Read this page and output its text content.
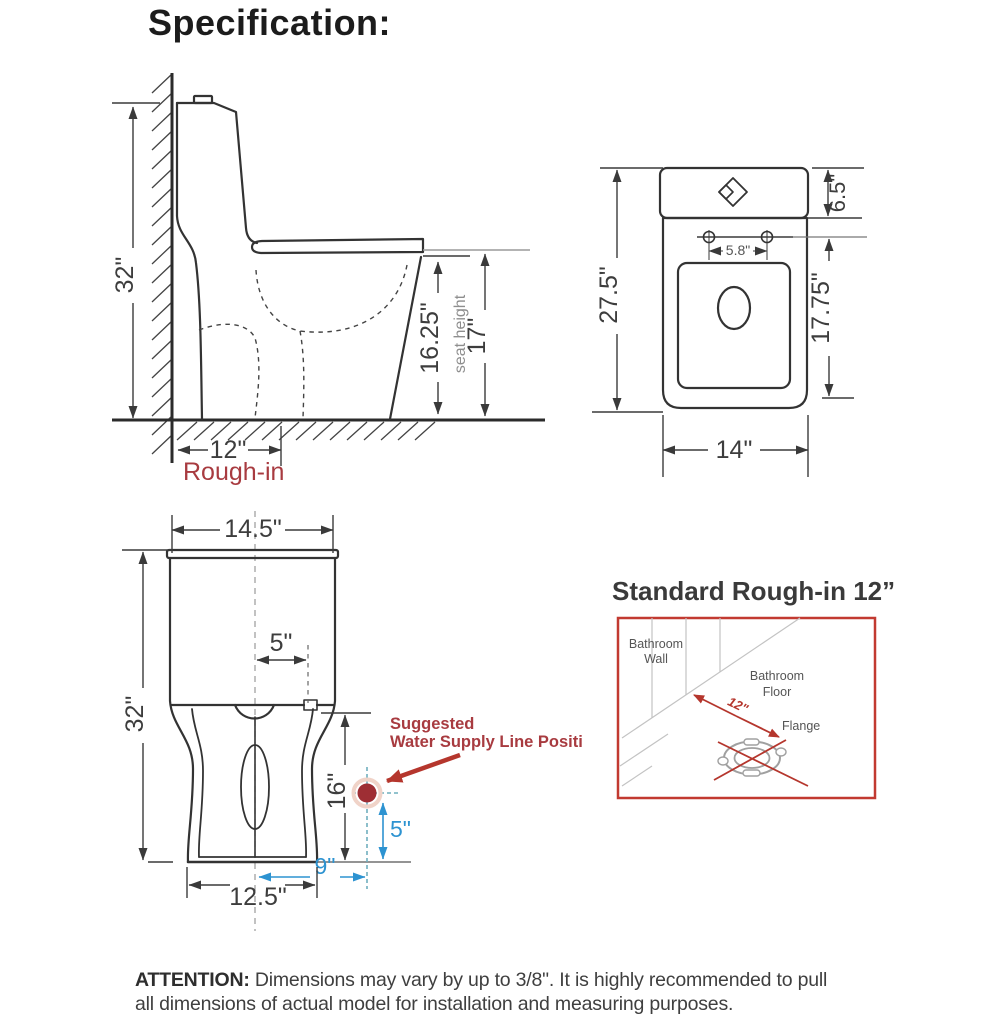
Specification:
32"
16.25" seat height
17"
12"
Rough-in
5.8"
27.5"
6.5"
17.75"
14"
14.5"
32"
5"
16"
Suggested
Water Supply Line Positi
5"
9"
12.5"
Standard Rough-in 12”
Bathroom
Wall
Bathroom
Floor
12"
Flange

ATTENTION: Dimensions may vary by up to 3/8". It is highly recommended to pull
all dimensions of actual model for installation and measuring purposes.
